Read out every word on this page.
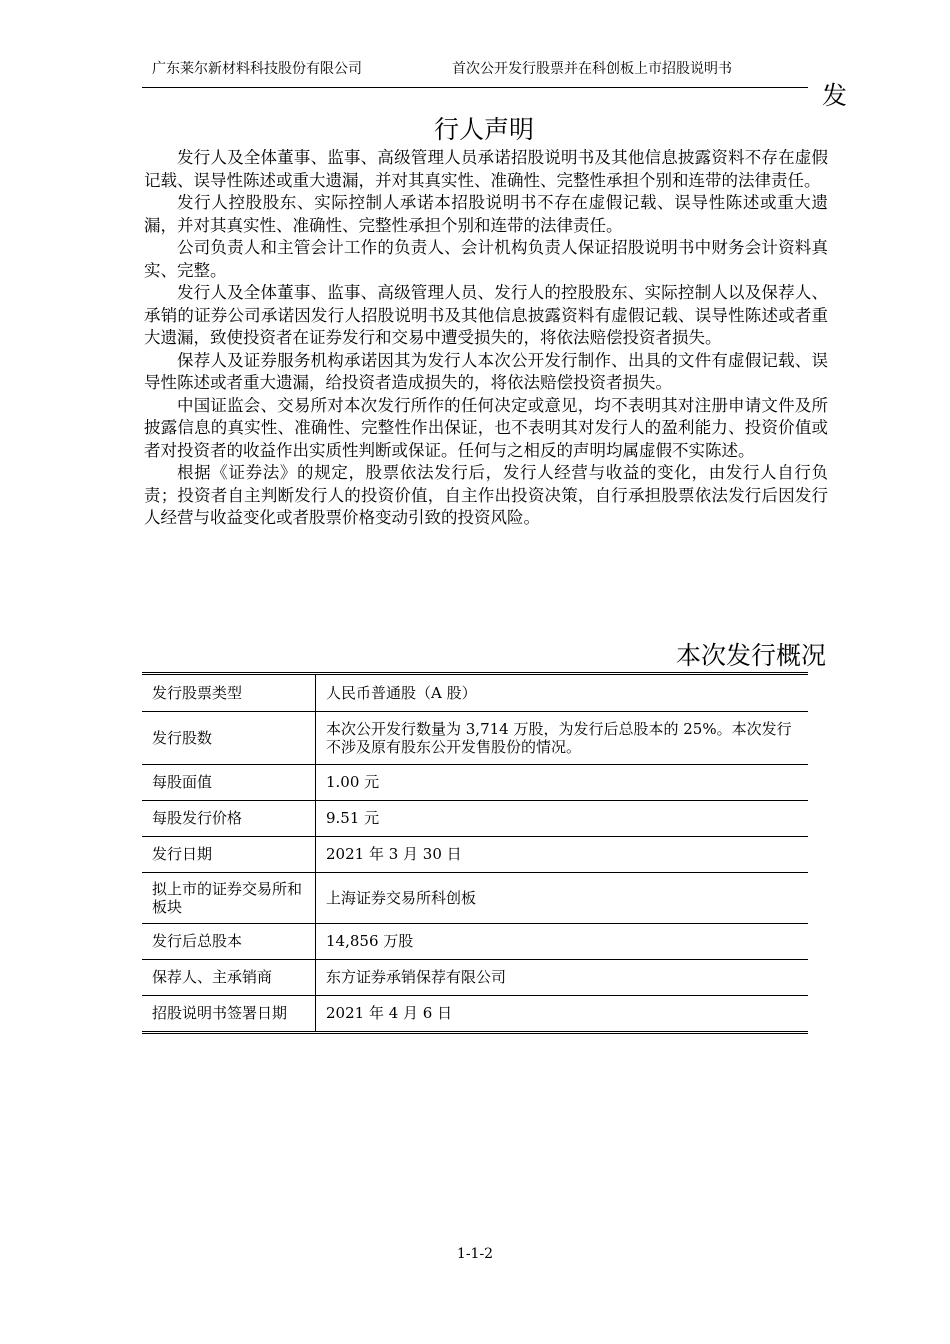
广东莱尔新材料科技股份有限公司	首次公开发行股票并在科创板上市招股说明书
发
行人声明

发行人及全体董事、监事、高级管理人员承诺招股说明书及其他信息披露资料不存在虚假记载、误导性陈述或重大遗漏，并对其真实性、准确性、完整性承担个别和连带的法律责任。

发行人控股股东、实际控制人承诺本招股说明书不存在虚假记载、误导性陈述或重大遗漏，并对其真实性、准确性、完整性承担个别和连带的法律责任。

公司负责人和主管会计工作的负责人、会计机构负责人保证招股说明书中财务会计资料真实、完整。

发行人及全体董事、监事、高级管理人员、发行人的控股股东、实际控制人以及保荐人、承销的证券公司承诺因发行人招股说明书及其他信息披露资料有虚假记载、误导性陈述或者重大遗漏，致使投资者在证券发行和交易中遭受损失的，将依法赔偿投资者损失。

保荐人及证券服务机构承诺因其为发行人本次公开发行制作、出具的文件有虚假记载、误导性陈述或者重大遗漏，给投资者造成损失的，将依法赔偿投资者损失。

中国证监会、交易所对本次发行所作的任何决定或意见，均不表明其对注册申请文件及所披露信息的真实性、准确性、完整性作出保证，也不表明其对发行人的盈利能力、投资价值或者对投资者的收益作出实质性判断或保证。任何与之相反的声明均属虚假不实陈述。

根据《证券法》的规定，股票依法发行后，发行人经营与收益的变化，由发行人自行负责；投资者自主判断发行人的投资价值，自主作出投资决策，自行承担股票依法发行后因发行人经营与收益变化或者股票价格变动引致的投资风险。

本次发行概况
发行股票类型	人民币普通股（A 股）
发行股数	本次公开发行数量为 3,714 万股，为发行后总股本的 25%。本次发行不涉及原有股东公开发售股份的情况。
每股面值	1.00 元
每股发行价格	9.51 元
发行日期	2021 年 3 月 30 日
拟上市的证券交易所和板块	上海证券交易所科创板
发行后总股本	14,856 万股
保荐人、主承销商	东方证券承销保荐有限公司
招股说明书签署日期	2021 年 4 月 6 日
1-1-2
